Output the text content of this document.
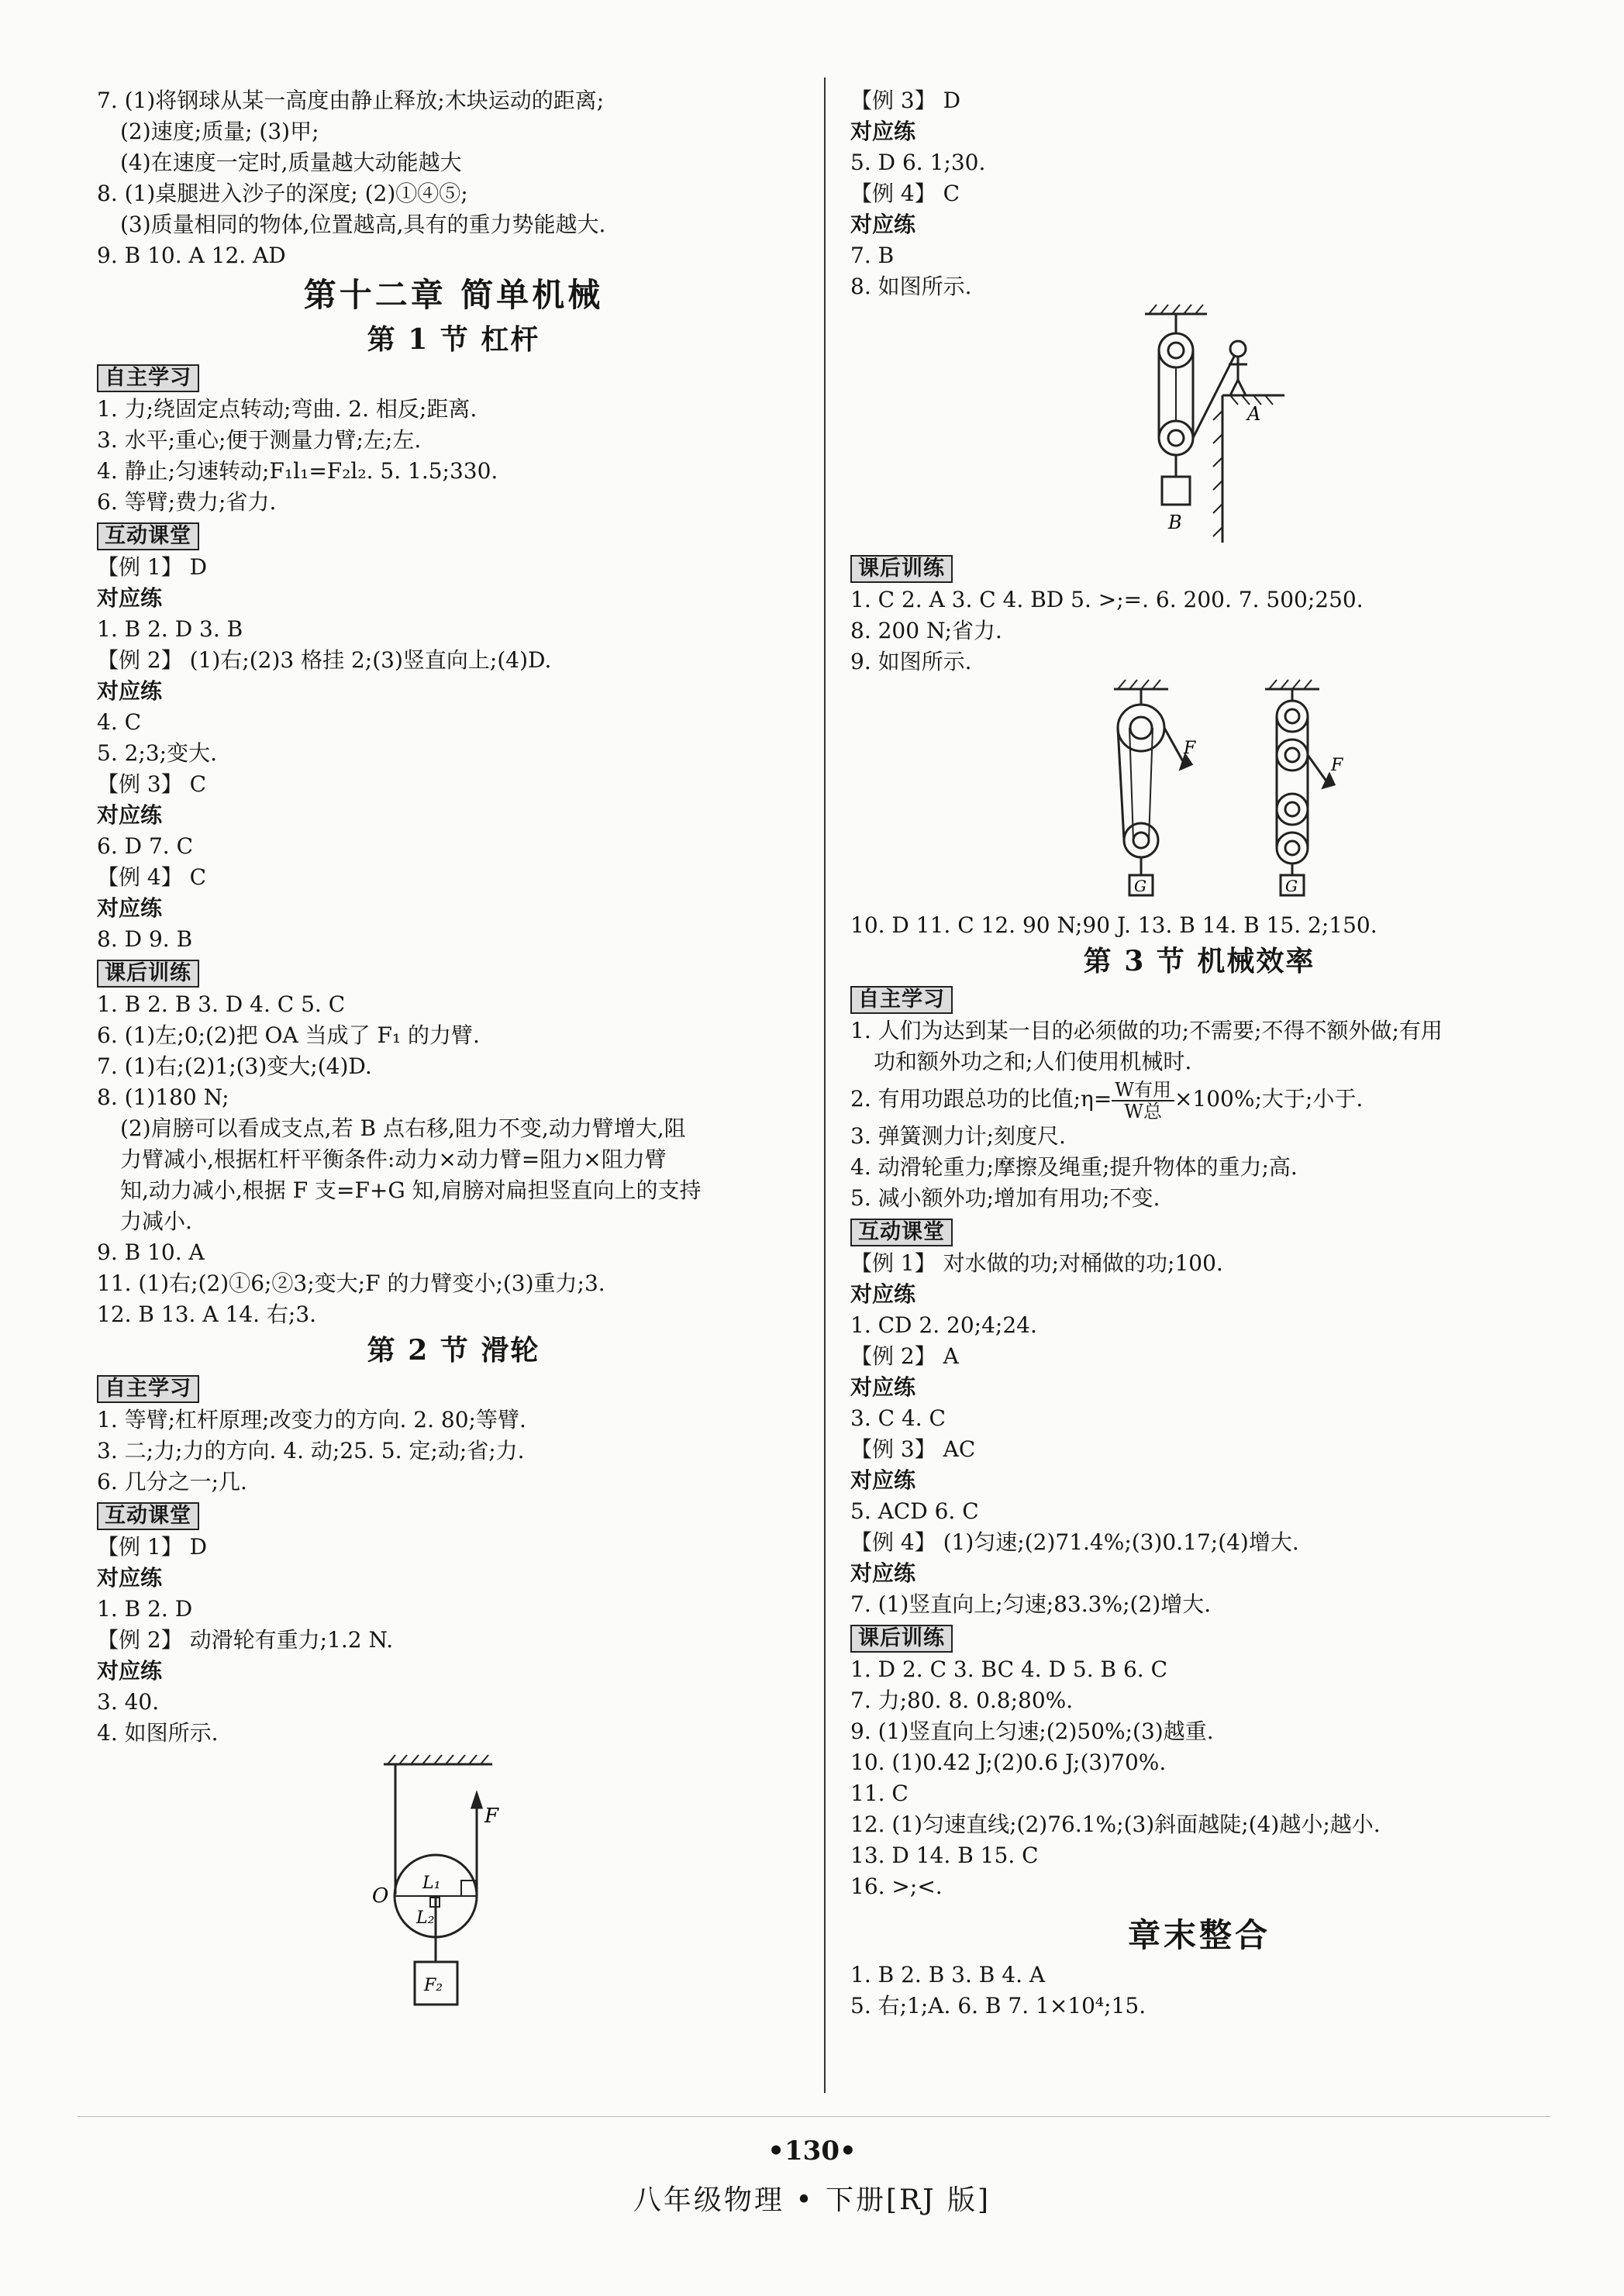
7. (1)将钢球从某一高度由静止释放;木块运动的距离;
(2)速度;质量; (3)甲;
(4)在速度一定时,质量越大动能越大
8. (1)桌腿进入沙子的深度; (2)①④⑤;
(3)质量相同的物体,位置越高,具有的重力势能越大.
9. B 10. A 12. AD
第十二章 简单机械
第 1 节 杠杆
自主学习
1. 力;绕固定点转动;弯曲. 2. 相反;距离.
3. 水平;重心;便于测量力臂;左;左.
4. 静止;匀速转动;F₁l₁=F₂l₂. 5. 1.5;330.
6. 等臂;费力;省力.
互动课堂
【例 1】 D
对应练
1. B 2. D 3. B
【例 2】 (1)右;(2)3 格挂 2;(3)竖直向上;(4)D.
对应练
4. C
5. 2;3;变大.
【例 3】 C
对应练
6. D 7. C
【例 4】 C
对应练
8. D 9. B
课后训练
1. B 2. B 3. D 4. C 5. C
6. (1)左;0;(2)把 OA 当成了 F₁ 的力臂.
7. (1)右;(2)1;(3)变大;(4)D.
8. (1)180 N;
(2)肩膀可以看成支点,若 B 点右移,阻力不变,动力臂增大,阻
力臂减小,根据杠杆平衡条件:动力×动力臂=阻力×阻力臂
知,动力减小,根据 F 支=F+G 知,肩膀对扁担竖直向上的支持
力减小.
9. B 10. A
11. (1)右;(2)①6;②3;变大;F 的力臂变小;(3)重力;3.
12. B 13. A 14. 右;3.
第 2 节 滑轮
自主学习
1. 等臂;杠杆原理;改变力的方向. 2. 80;等臂.
3. 二;力;力的方向. 4. 动;25. 5. 定;动;省;力.
6. 几分之一;几.
互动课堂
【例 1】 D
对应练
1. B 2. D
【例 2】 动滑轮有重力;1.2 N.
对应练
3. 40.
4. 如图所示.
F
O
L₁
L₂
F₂
【例 3】 D
对应练
5. D 6. 1;30.
【例 4】 C
对应练
7. B
8. 如图所示.
A
B
课后训练
1. C 2. A 3. C 4. BD 5. >;=. 6. 200. 7. 500;250.
8. 200 N;省力.
9. 如图所示.
F
F
G	G
10. D 11. C 12. 90 N;90 J. 13. B 14. B 15. 2;150.
第 3 节 机械效率
自主学习
1. 人们为达到某一目的必须做的功;不需要;不得不额外做;有用
功和额外功之和;人们使用机械时.
2. 有用功跟总功的比值;η= $\frac{\text{W有用}}{\text{W总}} \times 100\%$;大于;小于.
3. 弹簧测力计;刻度尺.
4. 动滑轮重力;摩擦及绳重;提升物体的重力;高.
5. 减小额外功;增加有用功;不变.
互动课堂
【例 1】 对水做的功;对桶做的功;100.
对应练
1. CD 2. 20;4;24.
【例 2】 A
对应练
3. C 4. C
【例 3】 AC
对应练
5. ACD 6. C
【例 4】 (1)匀速;(2)71.4%;(3)0.17;(4)增大.
对应练
7. (1)竖直向上;匀速;83.3%;(2)增大.
课后训练
1. D 2. C 3. BC 4. D 5. B 6. C
7. 力;80. 8. 0.8;80%.
9. (1)竖直向上匀速;(2)50%;(3)越重.
10. (1)0.42 J;(2)0.6 J;(3)70%.
11. C
12. (1)匀速直线;(2)76.1%;(3)斜面越陡;(4)越小;越小.
13. D 14. B 15. C
16. >;<.
章末整合
1. B 2. B 3. B 4. A
5. 右;1;A. 6. B 7. 1×10⁴;15.
•130•
八年级物理 • 下册[RJ 版]
